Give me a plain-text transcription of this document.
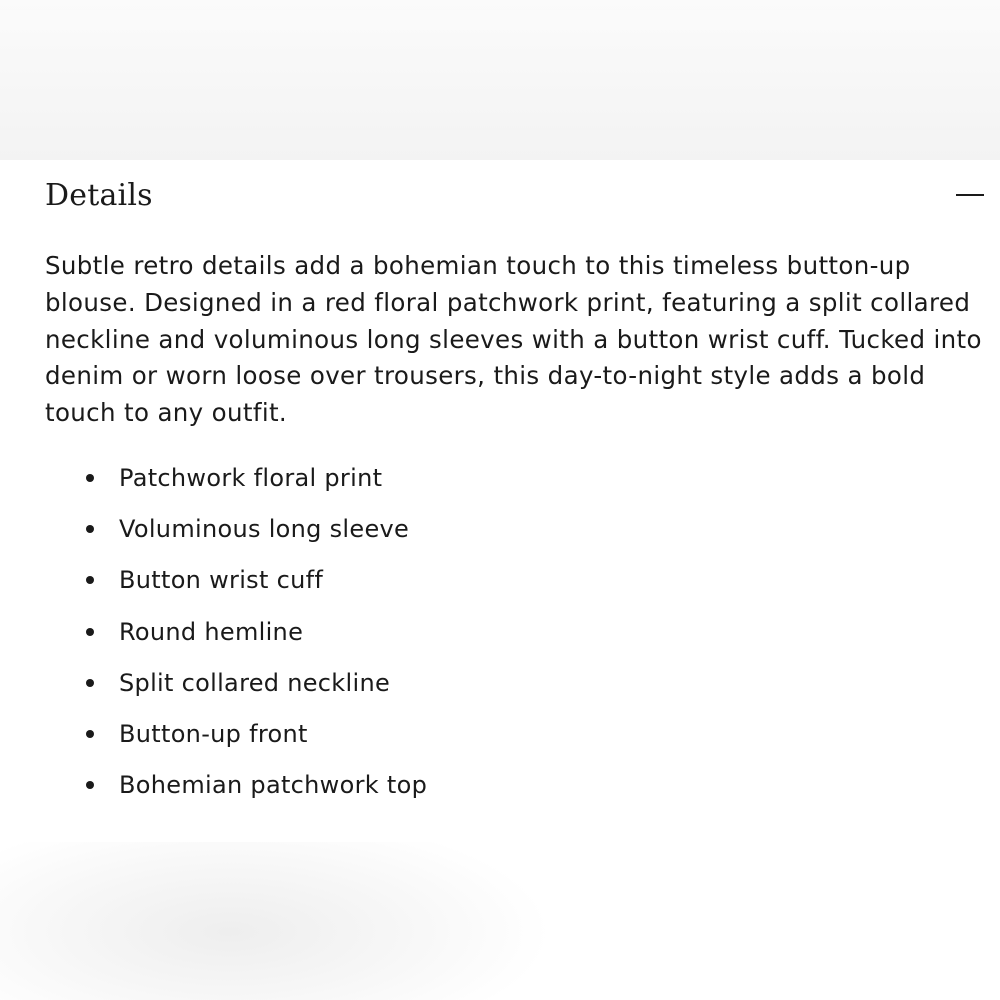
Details

Subtle retro details add a bohemian touch to this timeless button-up blouse. Designed in a red floral patchwork print, featuring a split collared neckline and voluminous long sleeves with a button wrist cuff. Tucked into denim or worn loose over trousers, this day-to-night style adds a bold touch to any outfit.

Patchwork floral print
Voluminous long sleeve
Button wrist cuff
Round hemline
Split collared neckline
Button-up front
Bohemian patchwork top
